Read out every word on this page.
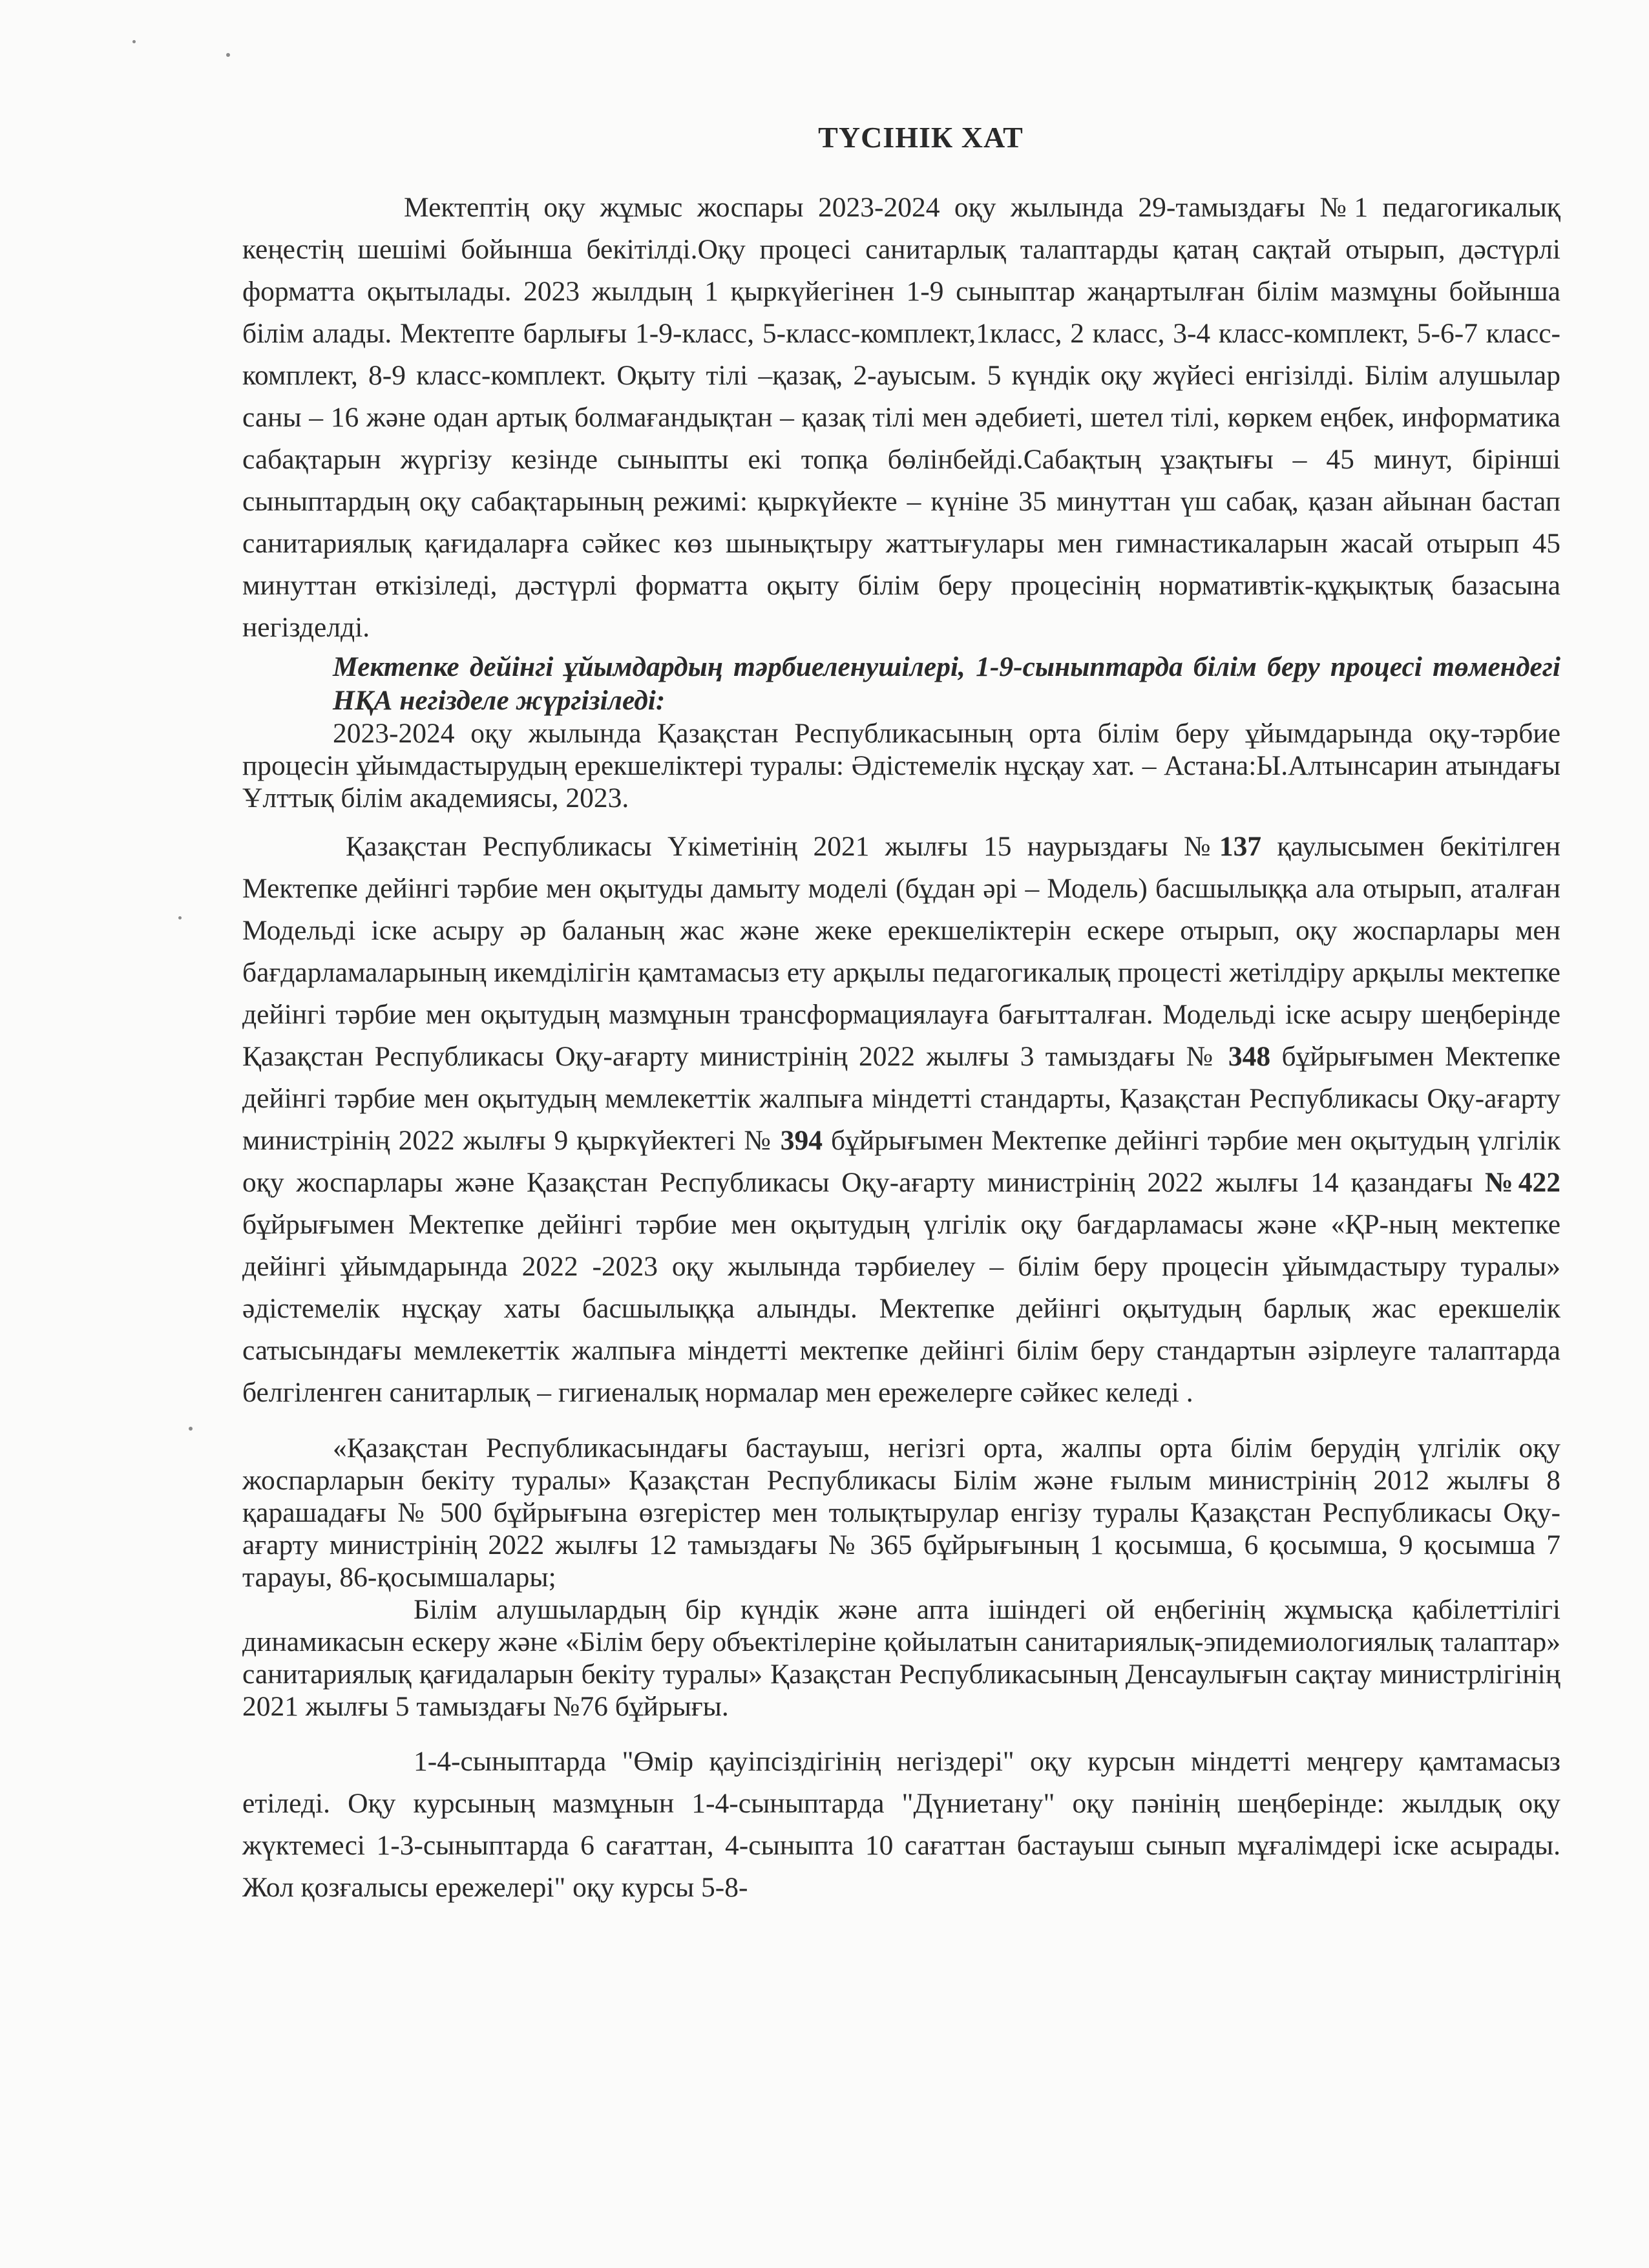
ТҮСІНІК ХАТ

Мектептің оқу жұмыс жоспары 2023-2024 оқу жылында 29-тамыздағы №1 педагогикалық кеңестің шешімі бойынша бекітілді.Оқу процесі санитарлық талаптарды қатаң сақтай отырып, дәстүрлі форматта оқытылады. 2023 жылдың 1 қыркүйегінен 1-9 сыныптар жаңартылған білім мазмұны бойынша білім алады. Мектепте барлығы 1-9-класс, 5-класс-комплект,1класс, 2 класс, 3-4 класс-комплект, 5-6-7 класс-комплект, 8-9 класс-комплект. Оқыту тілі –қазақ, 2-ауысым. 5 күндік оқу жүйесі енгізілді. Білім алушылар саны – 16 және одан артық болмағандықтан – қазақ тілі мен әдебиеті, шетел тілі, көркем еңбек, информатика сабақтарын жүргізу кезінде сыныпты екі топқа бөлінбейді.Сабақтың ұзақтығы – 45 минут, бірінші сыныптардың оқу сабақтарының режимі: қыркүйекте – күніне 35 минуттан үш сабақ, қазан айынан бастап санитариялық қағидаларға сәйкес көз шынықтыру жаттығулары мен гимнастикаларын жасай отырып 45 минуттан өткізіледі, дәстүрлі форматта оқыту білім беру процесінің нормативтік-құқықтық базасына негізделді.

Мектепке дейінгі ұйымдардың тәрбиеленушілері, 1-9-сыныптарда білім беру процесі төмендегі НҚА негізделе жүргізіледі:

2023-2024 оқу жылында Қазақстан Республикасының орта білім беру ұйымдарында оқу-тәрбие процесін ұйымдастырудың ерекшеліктері туралы: Әдістемелік нұсқау хат. – Астана:Ы.Алтынсарин атындағы Ұлттық білім академиясы, 2023.

Қазақстан Республикасы Үкіметінің 2021 жылғы 15 наурыздағы №137 қаулысымен бекітілген Мектепке дейінгі тәрбие мен оқытуды дамыту моделі (бұдан әрі – Модель) басшылыққа ала отырып, аталған Модельді іске асыру әр баланың жас және жеке ерекшеліктерін ескере отырып, оқу жоспарлары мен бағдарламаларының икемділігін қамтамасыз ету арқылы педагогикалық процесті жетілдіру арқылы мектепке дейінгі тәрбие мен оқытудың мазмұнын трансформациялауға бағытталған. Модельді іске асыру шеңберінде Қазақстан Республикасы Оқу-ағарту министрінің 2022 жылғы 3 тамыздағы № 348 бұйрығымен Мектепке дейінгі тәрбие мен оқытудың мемлекеттік жалпыға міндетті стандарты, Қазақстан Республикасы Оқу-ағарту министрінің 2022 жылғы 9 қыркүйектегі № 394 бұйрығымен Мектепке дейінгі тәрбие мен оқытудың үлгілік оқу жоспарлары және Қазақстан Республикасы Оқу-ағарту министрінің 2022 жылғы 14 қазандағы №422 бұйрығымен Мектепке дейінгі тәрбие мен оқытудың үлгілік оқу бағдарламасы және «ҚР-ның мектепке дейінгі ұйымдарында 2022 -2023 оқу жылында тәрбиелеу – білім беру процесін ұйымдастыру туралы» әдістемелік нұсқау хаты басшылыққа алынды. Мектепке дейінгі оқытудың барлық жас ерекшелік сатысындағы мемлекеттік жалпыға міндетті мектепке дейінгі білім беру стандартын әзірлеуге талаптарда белгіленген санитарлық – гигиеналық нормалар мен ережелерге сәйкес келеді .

«Қазақстан Республикасындағы бастауыш, негізгі орта, жалпы орта білім берудің үлгілік оқу жоспарларын бекіту туралы» Қазақстан Республикасы Білім және ғылым министрінің 2012 жылғы 8 қарашадағы № 500 бұйрығына өзгерістер мен толықтырулар енгізу туралы Қазақстан Республикасы Оқу-ағарту министрінің 2022 жылғы 12 тамыздағы № 365 бұйрығының 1 қосымша, 6 қосымша, 9 қосымша 7 тарауы, 86-қосымшалары;

Білім алушылардың бір күндік және апта ішіндегі ой еңбегінің жұмысқа қабілеттілігі динамикасын ескеру және «Білім беру объектілеріне қойылатын санитариялық-эпидемиологиялық талаптар» санитариялық қағидаларын бекіту туралы» Қазақстан Республикасының Денсаулығын сақтау министрлігінің 2021 жылғы 5 тамыздағы №76 бұйрығы.

1-4-сыныптарда "Өмір қауіпсіздігінің негіздері" оқу курсын міндетті меңгеру қамтамасыз етіледі. Оқу курсының мазмұнын 1-4-сыныптарда "Дүниетану" оқу пәнінің шеңберінде: жылдық оқу жүктемесі 1-3-сыныптарда 6 сағаттан, 4-сыныпта 10 сағаттан бастауыш сынып мұғалімдері іске асырады. Жол қозғалысы ережелері" оқу курсы 5-8-
